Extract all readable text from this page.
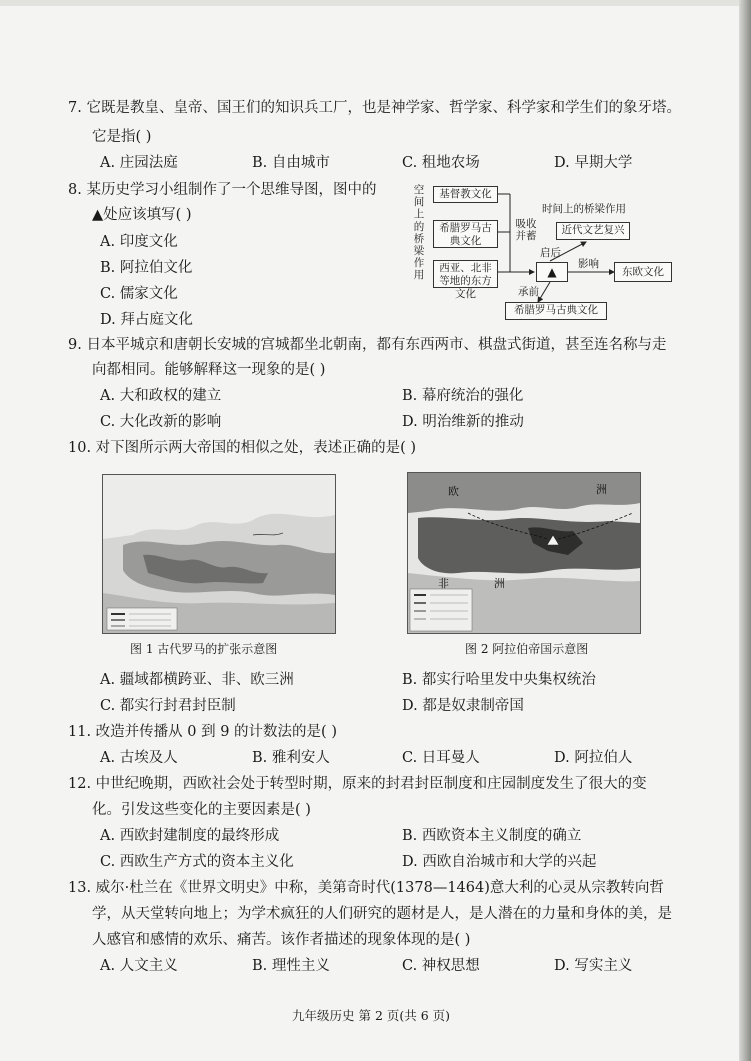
7. 它既是教皇、皇帝、国王们的知识兵工厂，也是神学家、哲学家、科学家和学生们的象牙塔。
它是指( )
A. 庄园法庭	B. 自由城市	C. 租地农场	D. 早期大学
8. 某历史学习小组制作了一个思维导图，图中的
▲处应该填写( )
A. 印度文化
B. 阿拉伯文化
C. 儒家文化
D. 拜占庭文化
空间上的桥梁作用
基督教文化
希腊罗马古典文化
西亚、北非等地的东方文化
吸收并蓄
时间上的桥梁作用
近代文艺复兴
▲
启后
影响
东欧文化
承前
希腊罗马古典文化
9. 日本平城京和唐朝长安城的宫城都坐北朝南，都有东西两市、棋盘式街道，甚至连名称与走
向都相同。能够解释这一现象的是( )
A. 大和政权的建立	B. 幕府统治的强化
C. 大化改新的影响	D. 明治维新的推动
10. 对下图所示两大帝国的相似之处，表述正确的是( )
图 1 古代罗马的扩张示意图
欧	洲
非	洲
图 2 阿拉伯帝国示意图
A. 疆域都横跨亚、非、欧三洲	B. 都实行哈里发中央集权统治
C. 都实行封君封臣制	D. 都是奴隶制帝国
11. 改造并传播从 0 到 9 的计数法的是( )
A. 古埃及人	B. 雅利安人	C. 日耳曼人	D. 阿拉伯人
12. 中世纪晚期，西欧社会处于转型时期，原来的封君封臣制度和庄园制度发生了很大的变
化。引发这些变化的主要因素是( )
A. 西欧封建制度的最终形成	B. 西欧资本主义制度的确立
C. 西欧生产方式的资本主义化	D. 西欧自治城市和大学的兴起
13. 威尔·杜兰在《世界文明史》中称，美第奇时代(1378—1464)意大利的心灵从宗教转向哲
学，从天堂转向地上；为学术疯狂的人们研究的题材是人，是人潜在的力量和身体的美，是
人感官和感情的欢乐、痛苦。该作者描述的现象体现的是( )
A. 人文主义	B. 理性主义	C. 神权思想	D. 写实主义
九年级历史 第 2 页(共 6 页)
